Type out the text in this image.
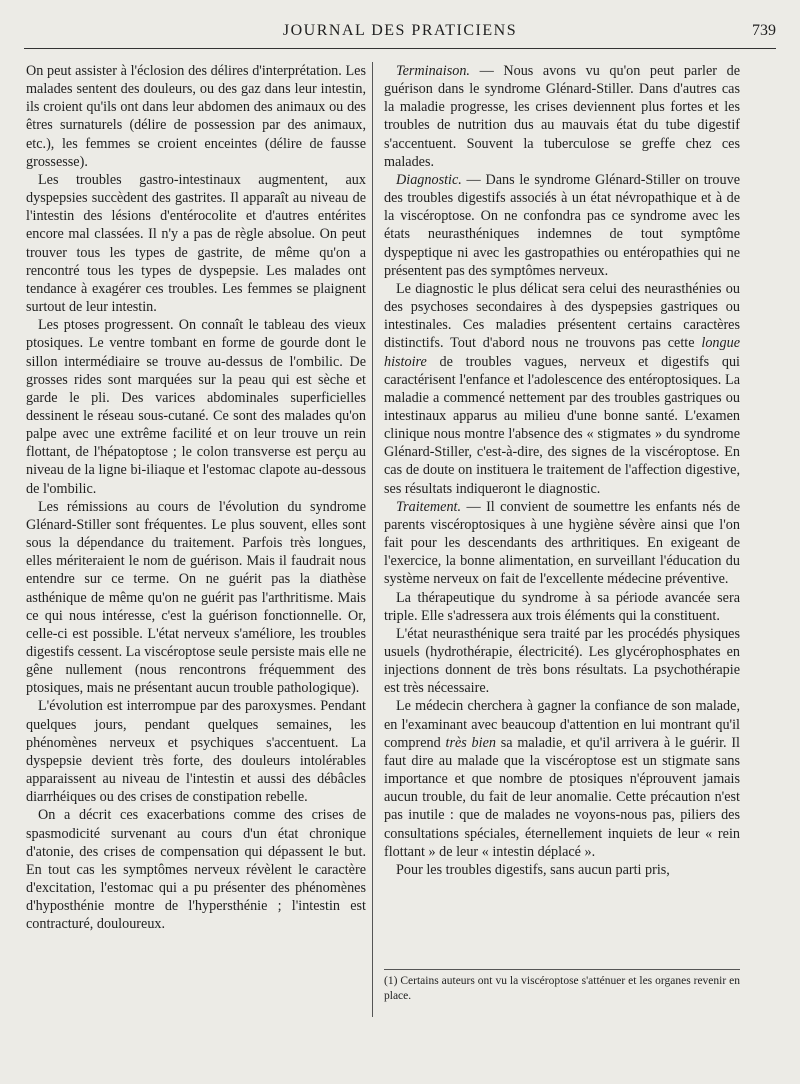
JOURNAL DES PRATICIENS	739

On peut assister à l'éclosion des délires d'interprétation. Les malades sentent des douleurs, ou des gaz dans leur intestin, ils croient qu'ils ont dans leur abdomen des animaux ou des êtres surnaturels (délire de possession par des animaux, etc.), les femmes se croient enceintes (délire de fausse grossesse).

Les troubles gastro-intestinaux augmentent, aux dyspepsies succèdent des gastrites. Il apparaît au niveau de l'intestin des lésions d'entérocolite et d'autres entérites encore mal classées. Il n'y a pas de règle absolue. On peut trouver tous les types de gastrite, de même qu'on a rencontré tous les types de dyspepsie. Les malades ont tendance à exagérer ces troubles. Les femmes se plaignent surtout de leur intestin.

Les ptoses progressent. On connaît le tableau des vieux ptosiques. Le ventre tombant en forme de gourde dont le sillon intermédiaire se trouve au-dessus de l'ombilic. De grosses rides sont marquées sur la peau qui est sèche et garde le pli. Des varices abdominales superficielles dessinent le réseau sous-cutané. Ce sont des malades qu'on palpe avec une extrême facilité et on leur trouve un rein flottant, de l'hépatoptose ; le colon transverse est perçu au niveau de la ligne bi-iliaque et l'estomac clapote au-dessous de l'ombilic.

Les rémissions au cours de l'évolution du syndrome Glénard-Stiller sont fréquentes. Le plus souvent, elles sont sous la dépendance du traitement. Parfois très longues, elles mériteraient le nom de guérison. Mais il faudrait nous entendre sur ce terme. On ne guérit pas la diathèse asthénique de même qu'on ne guérit pas l'arthritisme. Mais ce qui nous intéresse, c'est la guérison fonctionnelle. Or, celle-ci est possible. L'état nerveux s'améliore, les troubles digestifs cessent. La viscéroptose seule persiste mais elle ne gêne nullement (nous rencontrons fréquemment des ptosiques, mais ne présentant aucun trouble pathologique).

L'évolution est interrompue par des paroxysmes. Pendant quelques jours, pendant quelques semaines, les phénomènes nerveux et psychiques s'accentuent. La dyspepsie devient très forte, des douleurs intolérables apparaissent au niveau de l'intestin et aussi des débâcles diarrhéiques ou des crises de constipation rebelle.

On a décrit ces exacerbations comme des crises de spasmodicité survenant au cours d'un état chronique d'atonie, des crises de compensation qui dépassent le but. En tout cas les symptômes nerveux révèlent le caractère d'excitation, l'estomac qui a pu présenter des phénomènes d'hyposthénie montre de l'hypersthénie ; l'intestin est contracturé, douloureux.

Terminaison. — Nous avons vu qu'on peut parler de guérison dans le syndrome Glénard-Stiller. Dans d'autres cas la maladie progresse, les crises deviennent plus fortes et les troubles de nutrition dus au mauvais état du tube digestif s'accentuent. Souvent la tuberculose se greffe chez ces malades.

Diagnostic. — Dans le syndrome Glénard-Stiller on trouve des troubles digestifs associés à un état névropathique et à de la viscéroptose. On ne confondra pas ce syndrome avec les états neurasthéniques indemnes de tout symptôme dyspeptique ni avec les gastropathies ou entéropathies qui ne présentent pas des symptômes nerveux.

Le diagnostic le plus délicat sera celui des neurasthénies ou des psychoses secondaires à des dyspepsies gastriques ou intestinales. Ces maladies présentent certains caractères distinctifs. Tout d'abord nous ne trouvons pas cette longue histoire de troubles vagues, nerveux et digestifs qui caractérisent l'enfance et l'adolescence des entéroptosiques. La maladie a commencé nettement par des troubles gastriques ou intestinaux apparus au milieu d'une bonne santé. L'examen clinique nous montre l'absence des « stigmates » du syndrome Glénard-Stiller, c'est-à-dire, des signes de la viscéroptose. En cas de doute on instituera le traitement de l'affection digestive, ses résultats indiqueront le diagnostic.

Traitement. — Il convient de soumettre les enfants nés de parents viscéroptosiques à une hygiène sévère ainsi que l'on fait pour les descendants des arthritiques. En exigeant de l'exercice, la bonne alimentation, en surveillant l'éducation du système nerveux on fait de l'excellente médecine préventive.

La thérapeutique du syndrome à sa période avancée sera triple. Elle s'adressera aux trois éléments qui la constituent.

L'état neurasthénique sera traité par les procédés physiques usuels (hydrothérapie, électricité). Les glycérophosphates en injections donnent de très bons résultats. La psychothérapie est très nécessaire.

Le médecin cherchera à gagner la confiance de son malade, en l'examinant avec beaucoup d'attention en lui montrant qu'il comprend très bien sa maladie, et qu'il arrivera à le guérir. Il faut dire au malade que la viscéroptose est un stigmate sans importance et que nombre de ptosiques n'éprouvent jamais aucun trouble, du fait de leur anomalie. Cette précaution n'est pas inutile : que de malades ne voyons-nous pas, piliers des consultations spéciales, éternellement inquiets de leur « rein flottant » de leur « intestin déplacé ».

Pour les troubles digestifs, sans aucun parti pris,

(1) Certains auteurs ont vu la viscéroptose s'atténuer et les organes revenir en place.
